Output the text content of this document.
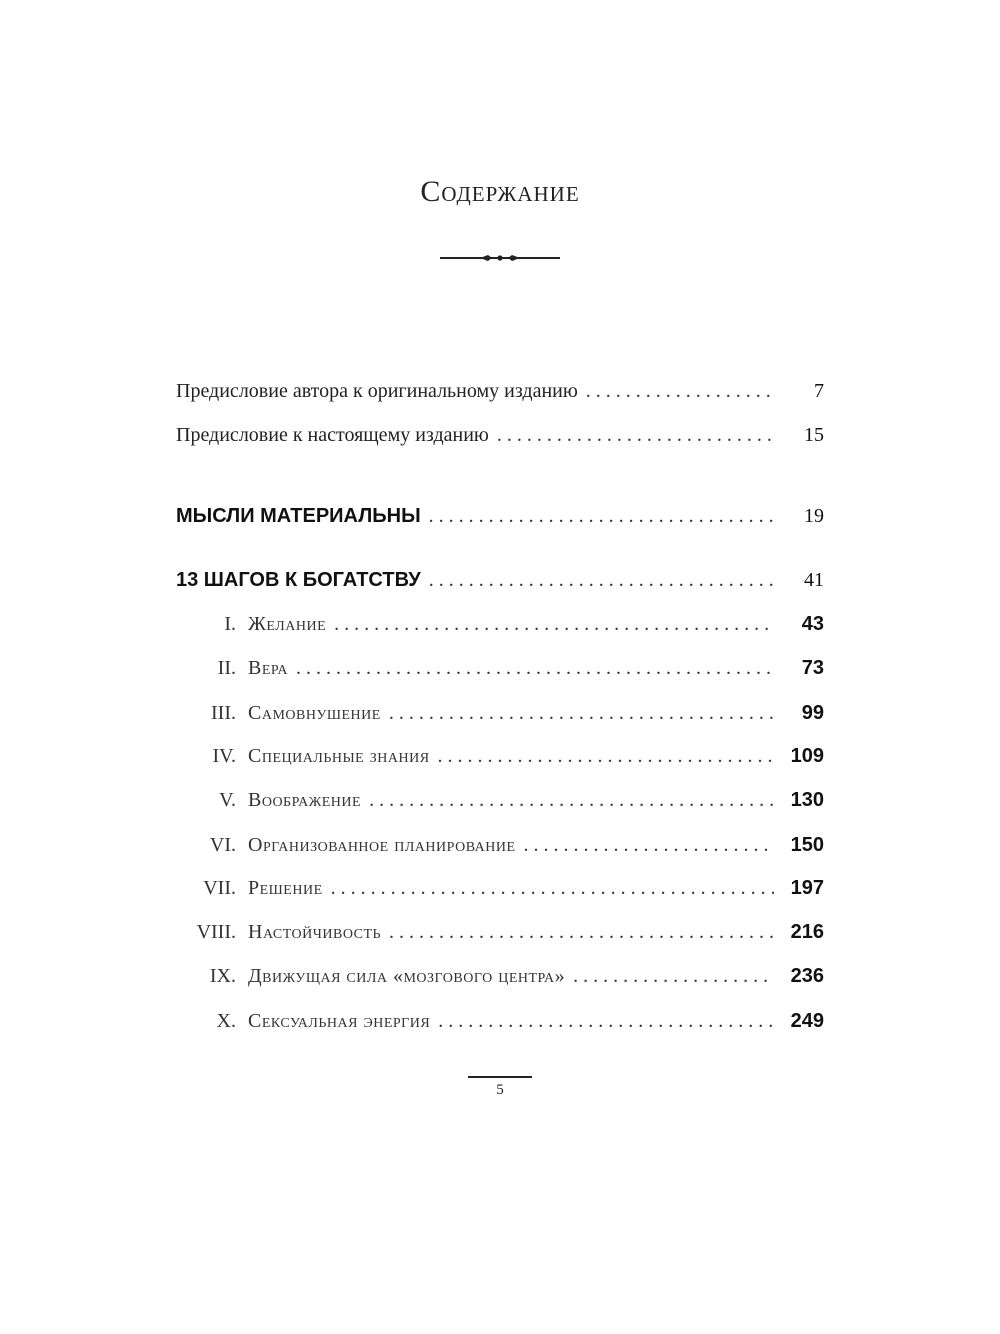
Содержание
Предисловие автора к оригинальному изданию . . .	7
Предисловие к настоящему изданию . . .	15
МЫСЛИ МАТЕРИАЛЬНЫ . . .	19
13 ШАГОВ К БОГАТСТВУ . . .	41
I. Желание . . .	43
II. Вера . . .	73
III. Самовнушение . . .	99
IV. Специальные знания . . .	109
V. Воображение . . .	130
VI. Организованное планирование . . .	150
VII. Решение . . .	197
VIII. Настойчивость . . .	216
IX. Движущая сила «мозгового центра» . . .	236
X. Сексуальная энергия . . .	249
5
